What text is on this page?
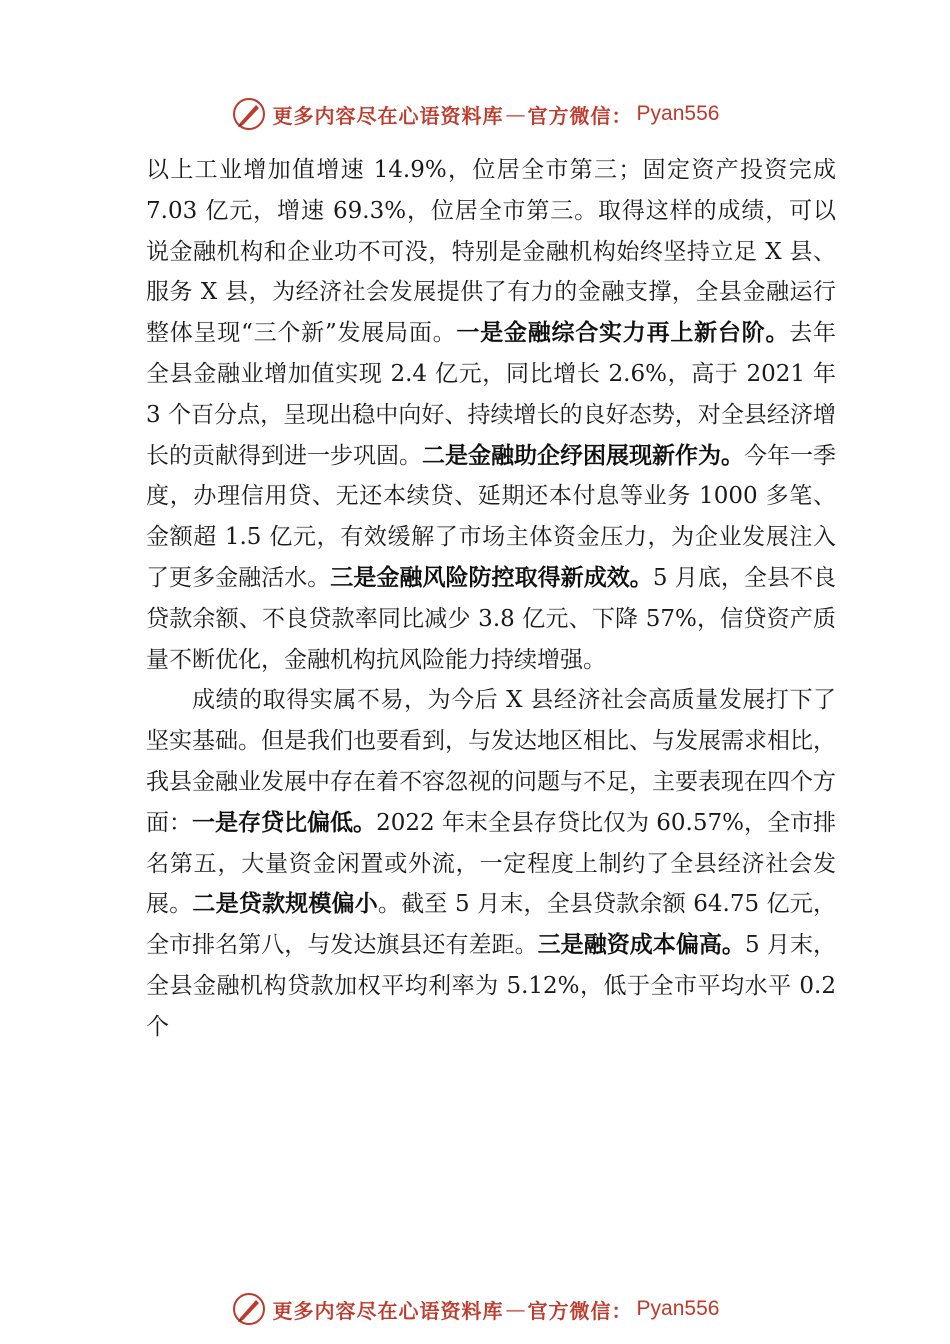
更多内容尽在心语资料库 — 官方微信： Pyan556

以上工业增加值增速 14.9%，位居全市第三；固定资产投资完成 7.03 亿元，增速 69.3%，位居全市第三。取得这样的成绩，可以说金融机构和企业功不可没，特别是金融机构始终坚持立足 X 县、服务 X 县，为经济社会发展提供了有力的金融支撑，全县金融运行整体呈现“三个新”发展局面。一是金融综合实力再上新台阶。去年全县金融业增加值实现 2.4 亿元，同比增长 2.6%，高于 2021 年 3 个百分点，呈现出稳中向好、持续增长的良好态势，对全县经济增长的贡献得到进一步巩固。二是金融助企纾困展现新作为。今年一季度，办理信用贷、无还本续贷、延期还本付息等业务 1000 多笔、金额超 1.5 亿元，有效缓解了市场主体资金压力，为企业发展注入了更多金融活水。三是金融风险防控取得新成效。5 月底，全县不良贷款余额、不良贷款率同比减少 3.8 亿元、下降 57%，信贷资产质量不断优化，金融机构抗风险能力持续增强。

成绩的取得实属不易，为今后 X 县经济社会高质量发展打下了坚实基础。但是我们也要看到，与发达地区相比、与发展需求相比，我县金融业发展中存在着不容忽视的问题与不足，主要表现在四个方面：一是存贷比偏低。2022 年末全县存贷比仅为 60.57%，全市排名第五，大量资金闲置或外流，一定程度上制约了全县经济社会发展。二是贷款规模偏小。截至 5 月末，全县贷款余额 64.75 亿元，全市排名第八，与发达旗县还有差距。三是融资成本偏高。5 月末，全县金融机构贷款加权平均利率为 5.12%，低于全市平均水平 0.2 个

更多内容尽在心语资料库 — 官方微信： Pyan556
